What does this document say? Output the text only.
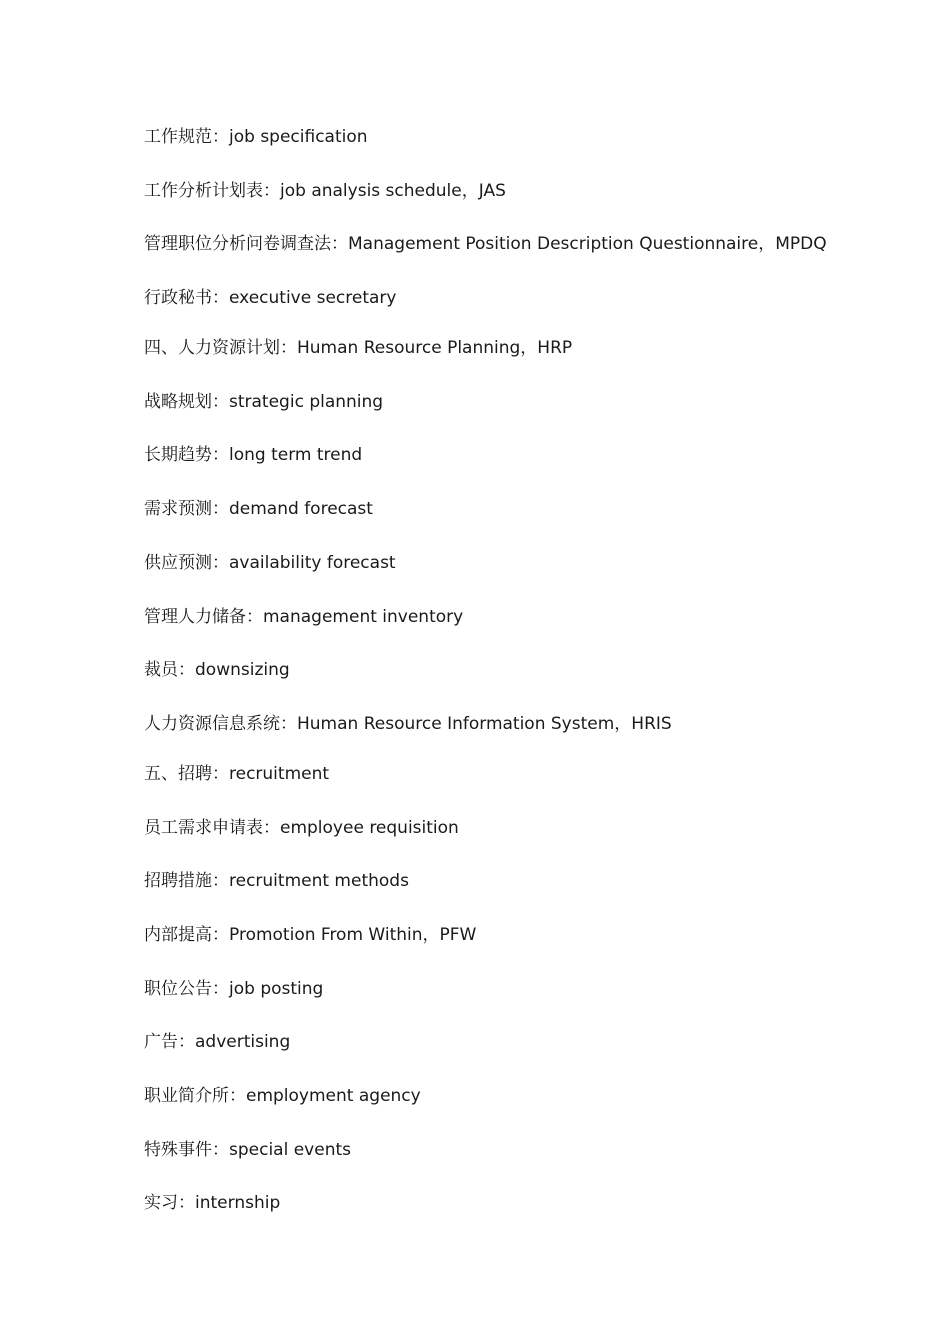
工作规范：job specification
工作分析计划表：job analysis schedule，JAS
管理职位分析问卷调查法：Management Position Description Questionnaire，MPDQ
行政秘书：executive secretary
四、人力资源计划：Human Resource Planning，HRP
战略规划：strategic planning
长期趋势：long term trend
需求预测：demand forecast
供应预测：availability forecast
管理人力储备：management inventory
裁员：downsizing
人力资源信息系统：Human Resource Information System，HRIS
五、招聘：recruitment
员工需求申请表：employee requisition
招聘措施：recruitment methods
内部提高：Promotion From Within，PFW
职位公告：job posting
广告：advertising
职业简介所：employment agency
特殊事件：special events
实习：internship
